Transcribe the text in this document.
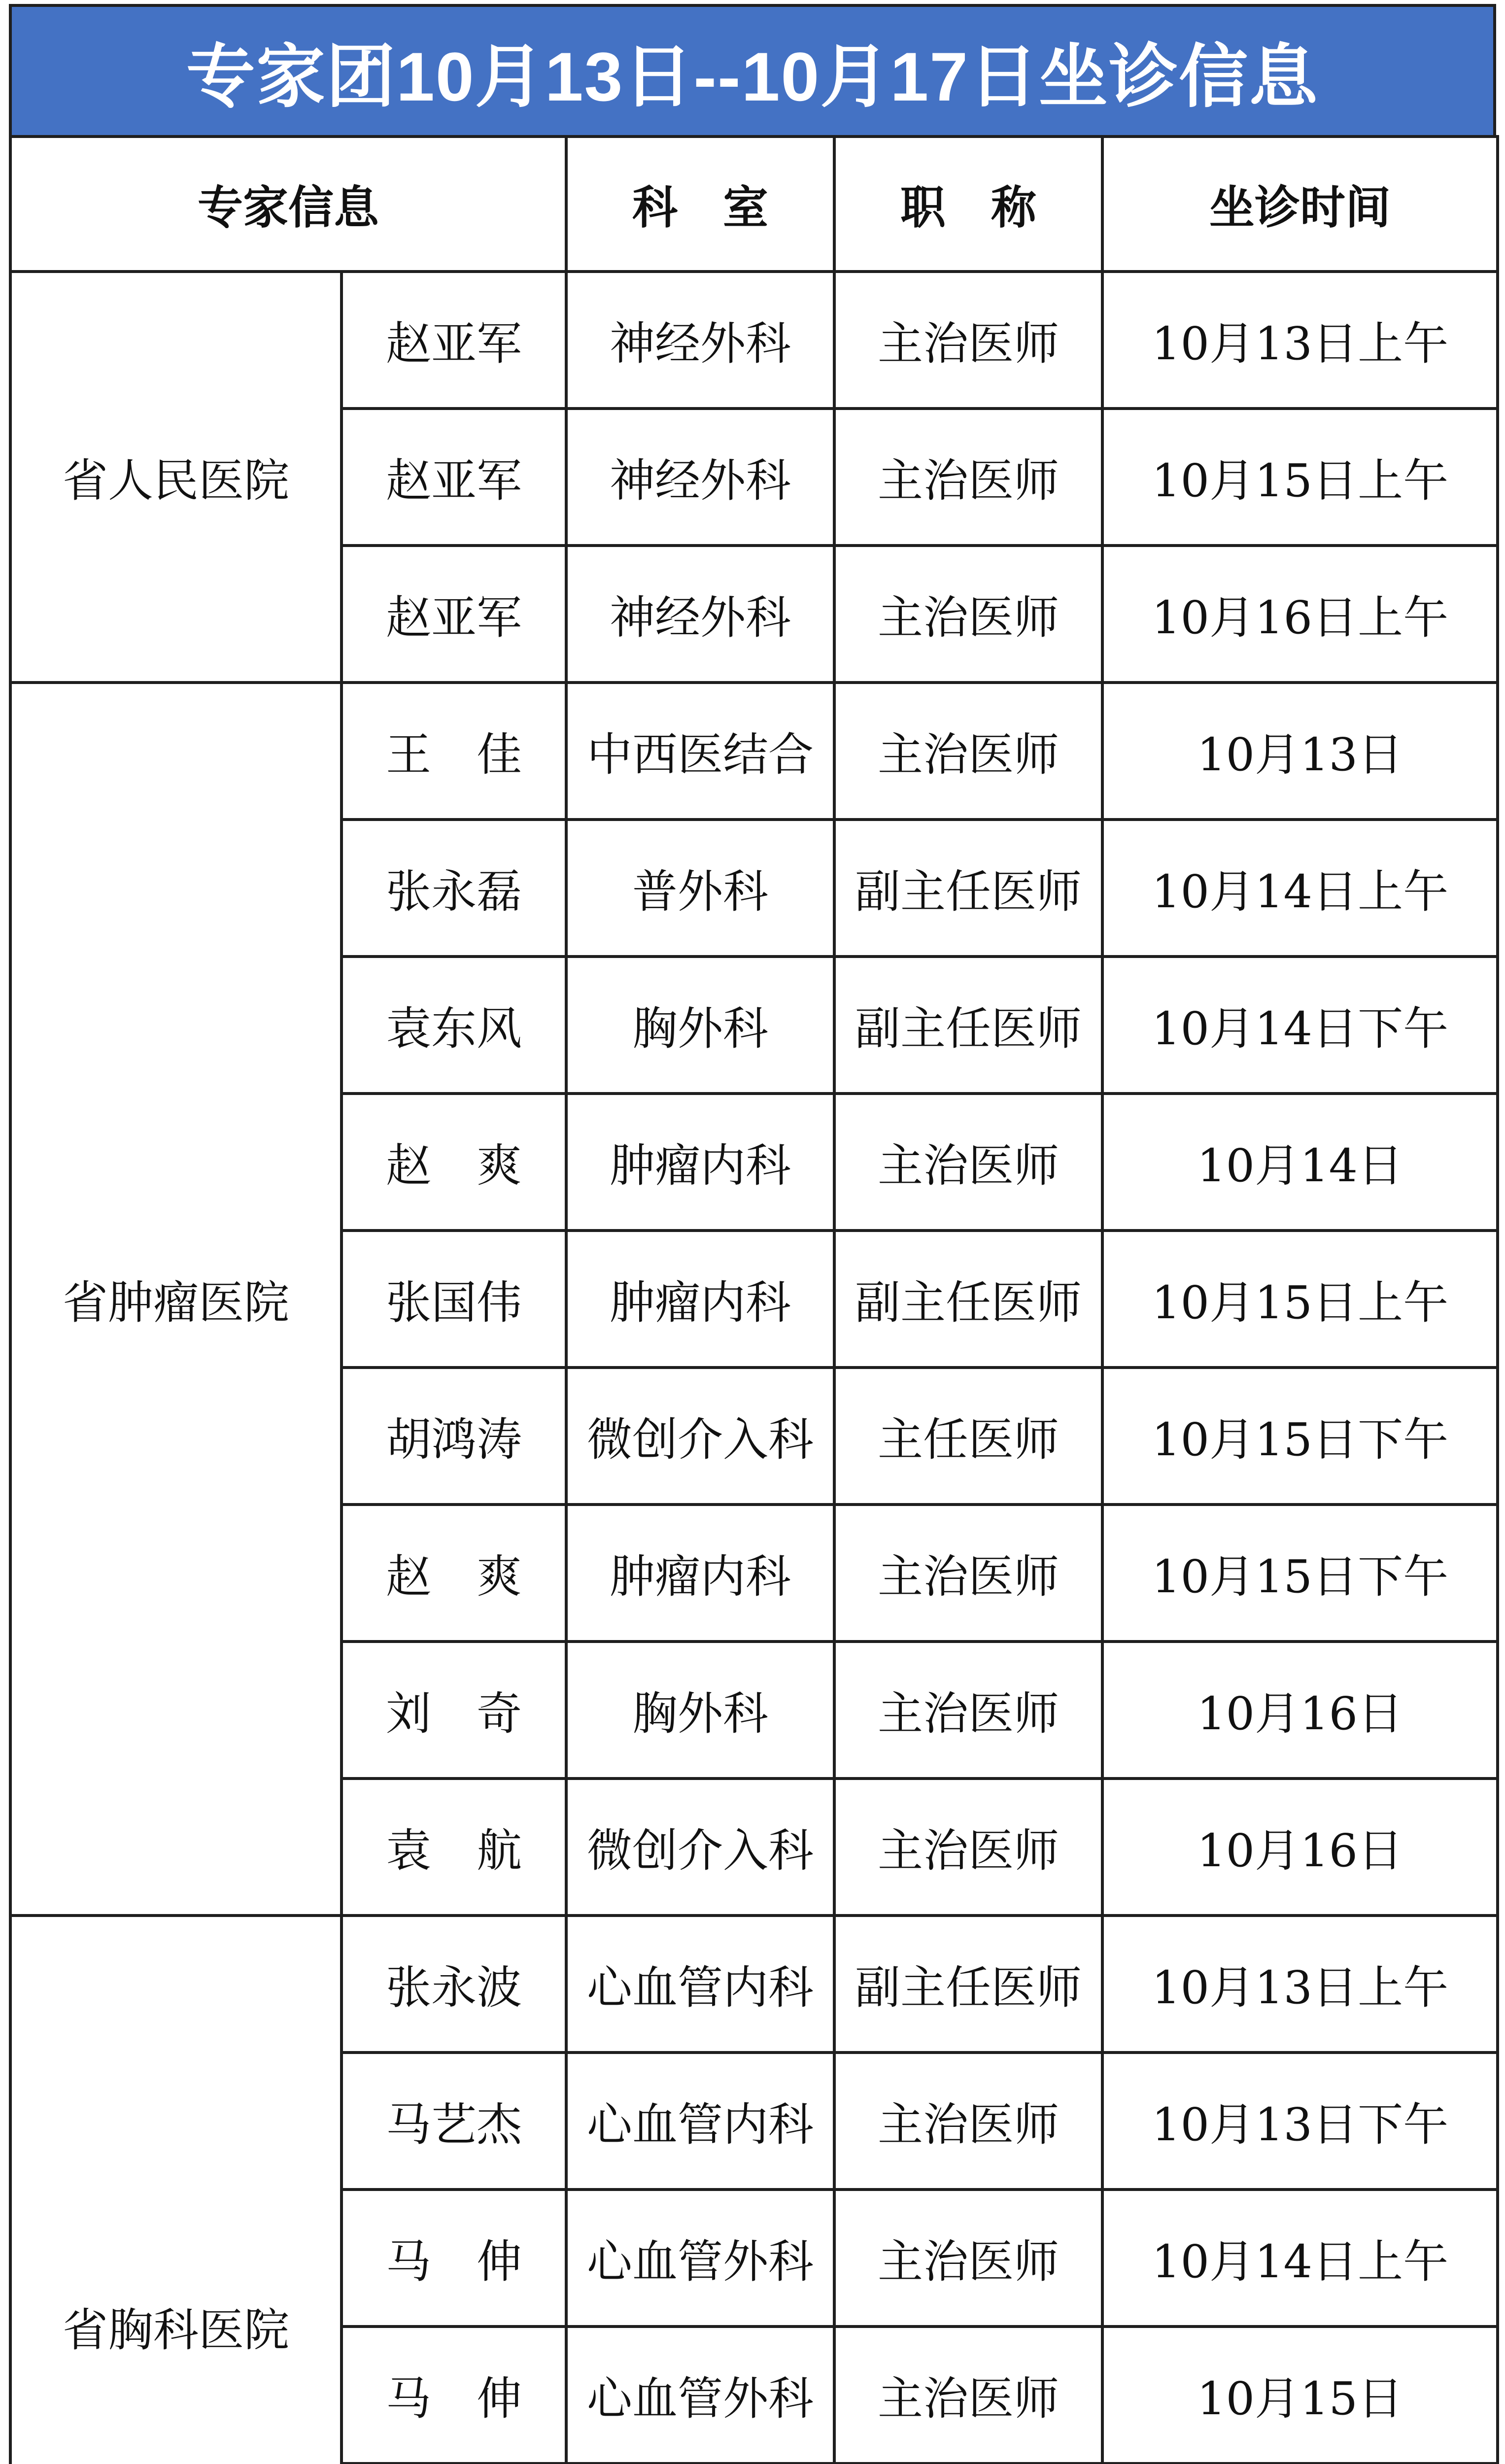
专家团10月13日--10月17日坐诊信息
专家信息		科　室	职　称	坐诊时间
省人民医院	赵亚军	神经外科	主治医师	10月13日上午
	赵亚军	神经外科	主治医师	10月15日上午
	赵亚军	神经外科	主治医师	10月16日上午
省肿瘤医院	王　佳	中西医结合	主治医师	10月13日
	张永磊	普外科	副主任医师	10月14日上午
	袁东风	胸外科	副主任医师	10月14日下午
	赵　爽	肿瘤内科	主治医师	10月14日
	张国伟	肿瘤内科	副主任医师	10月15日上午
	胡鸿涛	微创介入科	主任医师	10月15日下午
	赵　爽	肿瘤内科	主治医师	10月15日下午
	刘　奇	胸外科	主治医师	10月16日
	袁　航	微创介入科	主治医师	10月16日
省胸科医院	张永波	心血管内科	副主任医师	10月13日上午
	马艺杰	心血管内科	主治医师	10月13日下午
	马　伸	心血管外科	主治医师	10月14日上午
	马　伸	心血管外科	主治医师	10月15日
